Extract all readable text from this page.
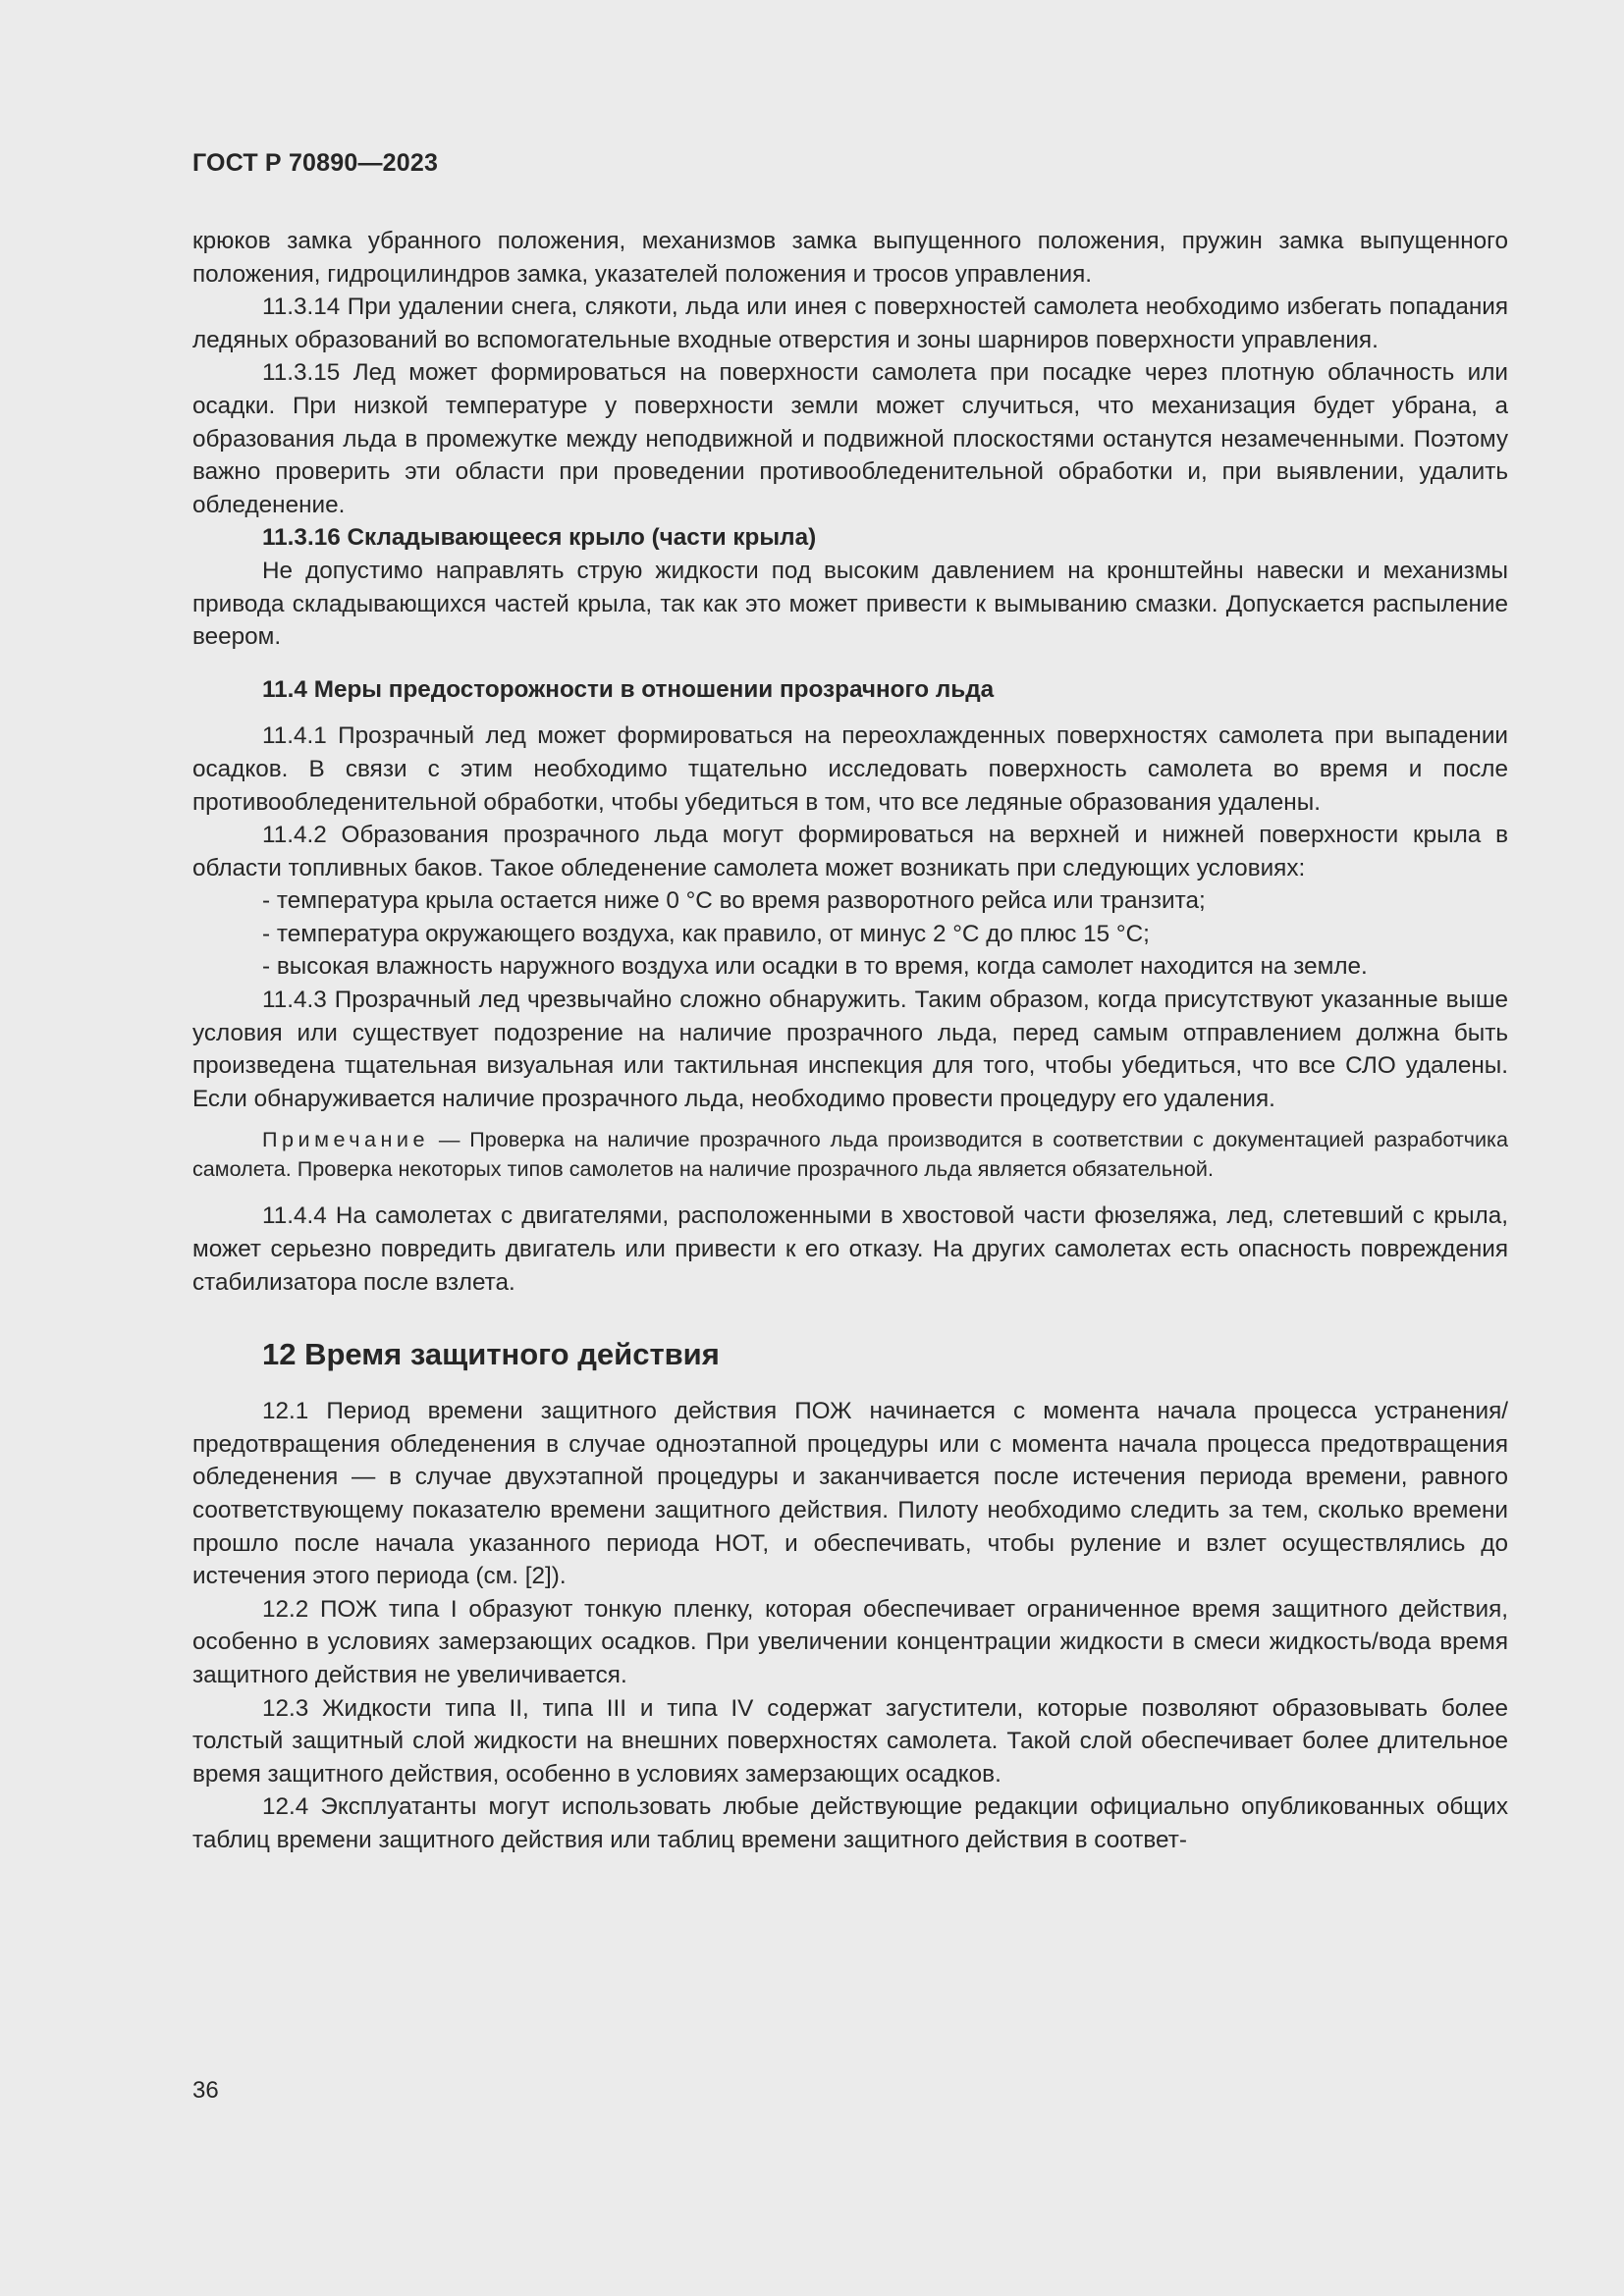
ГОСТ Р 70890—2023

крюков замка убранного положения, механизмов замка выпущенного положения, пружин замка выпущенного положения, гидроцилиндров замка, указателей положения и тросов управления.

11.3.14 При удалении снега, слякоти, льда или инея с поверхностей самолета необходимо избегать попадания ледяных образований во вспомогательные входные отверстия и зоны шарниров поверхности управления.

11.3.15 Лед может формироваться на поверхности самолета при посадке через плотную облачность или осадки. При низкой температуре у поверхности земли может случиться, что механизация будет убрана, а образования льда в промежутке между неподвижной и подвижной плоскостями останутся незамеченными. Поэтому важно проверить эти области при проведении противообледенительной обработки и, при выявлении, удалить обледенение.

11.3.16 Складывающееся крыло (части крыла)

Не допустимо направлять струю жидкости под высоким давлением на кронштейны навески и механизмы привода складывающихся частей крыла, так как это может привести к вымыванию смазки. Допускается распыление веером.

11.4 Меры предосторожности в отношении прозрачного льда

11.4.1 Прозрачный лед может формироваться на переохлажденных поверхностях самолета при выпадении осадков. В связи с этим необходимо тщательно исследовать поверхность самолета во время и после противообледенительной обработки, чтобы убедиться в том, что все ледяные образования удалены.

11.4.2 Образования прозрачного льда могут формироваться на верхней и нижней поверхности крыла в области топливных баков. Такое обледенение самолета может возникать при следующих условиях:

- температура крыла остается ниже 0 °С во время разворотного рейса или транзита;

- температура окружающего воздуха, как правило, от минус 2 °С до плюс 15 °С;

- высокая влажность наружного воздуха или осадки в то время, когда самолет находится на земле.

11.4.3 Прозрачный лед чрезвычайно сложно обнаружить. Таким образом, когда присутствуют указанные выше условия или существует подозрение на наличие прозрачного льда, перед самым отправлением должна быть произведена тщательная визуальная или тактильная инспекция для того, чтобы убедиться, что все СЛО удалены. Если обнаруживается наличие прозрачного льда, необходимо провести процедуру его удаления.

Примечание — Проверка на наличие прозрачного льда производится в соответствии с документацией разработчика самолета. Проверка некоторых типов самолетов на наличие прозрачного льда является обязательной.

11.4.4 На самолетах с двигателями, расположенными в хвостовой части фюзеляжа, лед, слетевший с крыла, может серьезно повредить двигатель или привести к его отказу. На других самолетах есть опасность повреждения стабилизатора после взлета.

12 Время защитного действия

12.1 Период времени защитного действия ПОЖ начинается с момента начала процесса устранения/предотвращения обледенения в случае одноэтапной процедуры или с момента начала процесса предотвращения обледенения — в случае двухэтапной процедуры и заканчивается после истечения периода времени, равного соответствующему показателю времени защитного действия. Пилоту необходимо следить за тем, сколько времени прошло после начала указанного периода НОТ, и обеспечивать, чтобы руление и взлет осуществлялись до истечения этого периода (см. [2]).

12.2 ПОЖ типа I образуют тонкую пленку, которая обеспечивает ограниченное время защитного действия, особенно в условиях замерзающих осадков. При увеличении концентрации жидкости в смеси жидкость/вода время защитного действия не увеличивается.

12.3 Жидкости типа II, типа III и типа IV содержат загустители, которые позволяют образовывать более толстый защитный слой жидкости на внешних поверхностях самолета. Такой слой обеспечивает более длительное время защитного действия, особенно в условиях замерзающих осадков.

12.4 Эксплуатанты могут использовать любые действующие редакции официально опубликованных общих таблиц времени защитного действия или таблиц времени защитного действия в соответ-

36
